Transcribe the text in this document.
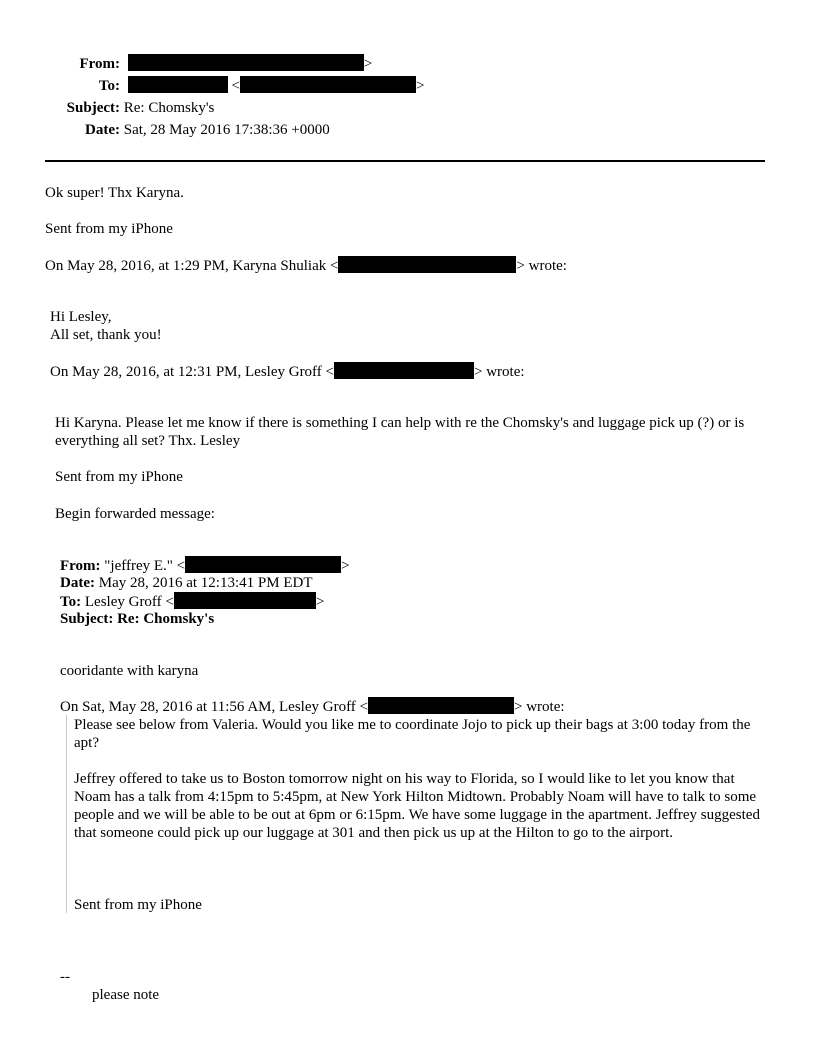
From:	>
To:	<	>
Subject: Re: Chomsky's
Date: Sat, 28 May 2016 17:38:36 +0000
Ok super! Thx Karyna.
Sent from my iPhone
On May 28, 2016, at 1:29 PM, Karyna Shuliak <	> wrote:
Hi Lesley,
All set, thank you!
On May 28, 2016, at 12:31 PM, Lesley Groff <	> wrote:
Hi Karyna. Please let me know if there is something I can help with re the Chomsky's and luggage pick up (?) or is everything all set? Thx. Lesley
Sent from my iPhone
Begin forwarded message:
From: "jeffrey E." <	>
Date: May 28, 2016 at 12:13:41 PM EDT
To: Lesley Groff <	>
Subject: Re: Chomsky's
cooridante with karyna
On Sat, May 28, 2016 at 11:56 AM, Lesley Groff <	> wrote:
Please see below from Valeria. Would you like me to coordinate Jojo to pick up their bags at 3:00 today from the apt?
Jeffrey offered to take us to Boston tomorrow night on his way to Florida, so I would like to let you know that Noam has a talk from 4:15pm to 5:45pm, at New York Hilton Midtown. Probably Noam will have to talk to some people and we will be able to be out at 6pm or 6:15pm. We have some luggage in the apartment. Jeffrey suggested that someone could pick up our luggage at 301 and then pick us up at the Hilton to go to the airport.
Sent from my iPhone
--
please note
